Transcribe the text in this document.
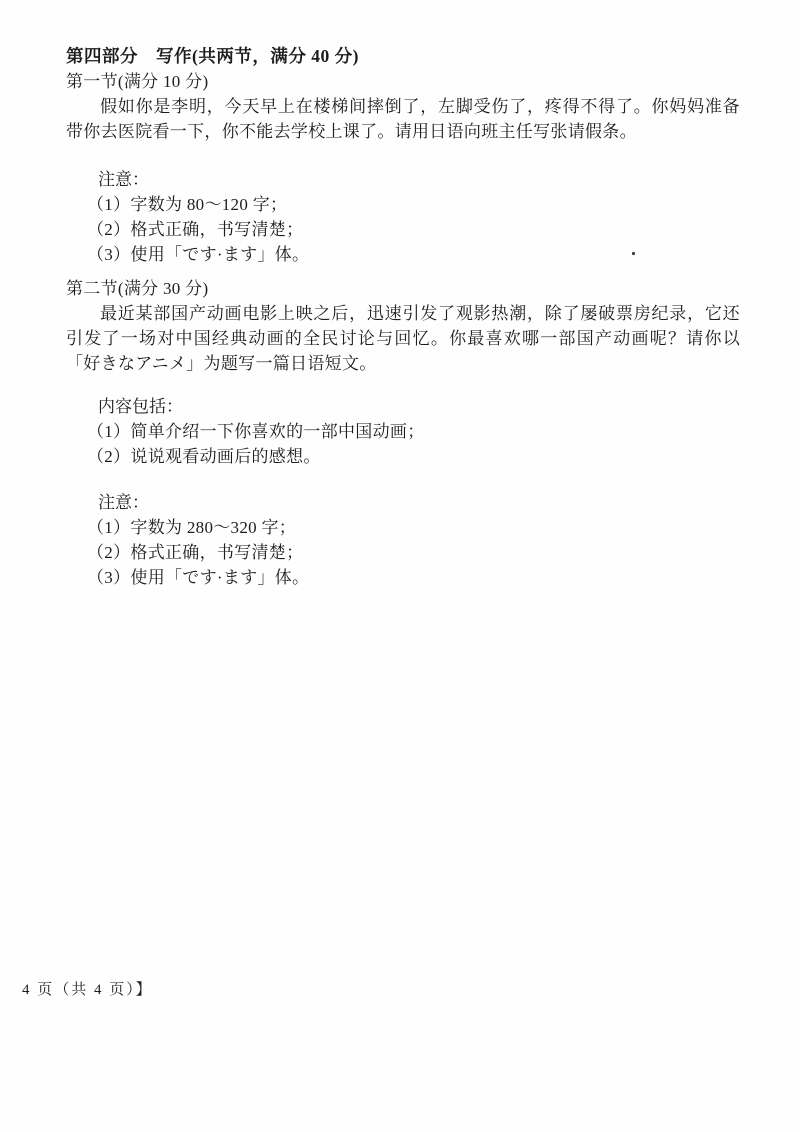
第四部分　写作(共两节，满分 40 分)
第一节(满分 10 分)

假如你是李明，今天早上在楼梯间摔倒了，左脚受伤了，疼得不得了。你妈妈准备带你去医院看一下，你不能去学校上课了。请用日语向班主任写张请假条。

注意：
（1）字数为 80～120 字；
（2）格式正确，书写清楚；
（3）使用「です·ます」体。
第二节(满分 30 分)

最近某部国产动画电影上映之后，迅速引发了观影热潮，除了屡破票房纪录，它还引发了一场对中国经典动画的全民讨论与回忆。你最喜欢哪一部国产动画呢？请你以「好きなアニメ」为题写一篇日语短文。

内容包括：
（1）简单介绍一下你喜欢的一部中国动画；
（2）说说观看动画后的感想。
注意：
（1）字数为 280～320 字；
（2）格式正确，书写清楚；
（3）使用「です·ます」体。
4 页（共 4 页）】
